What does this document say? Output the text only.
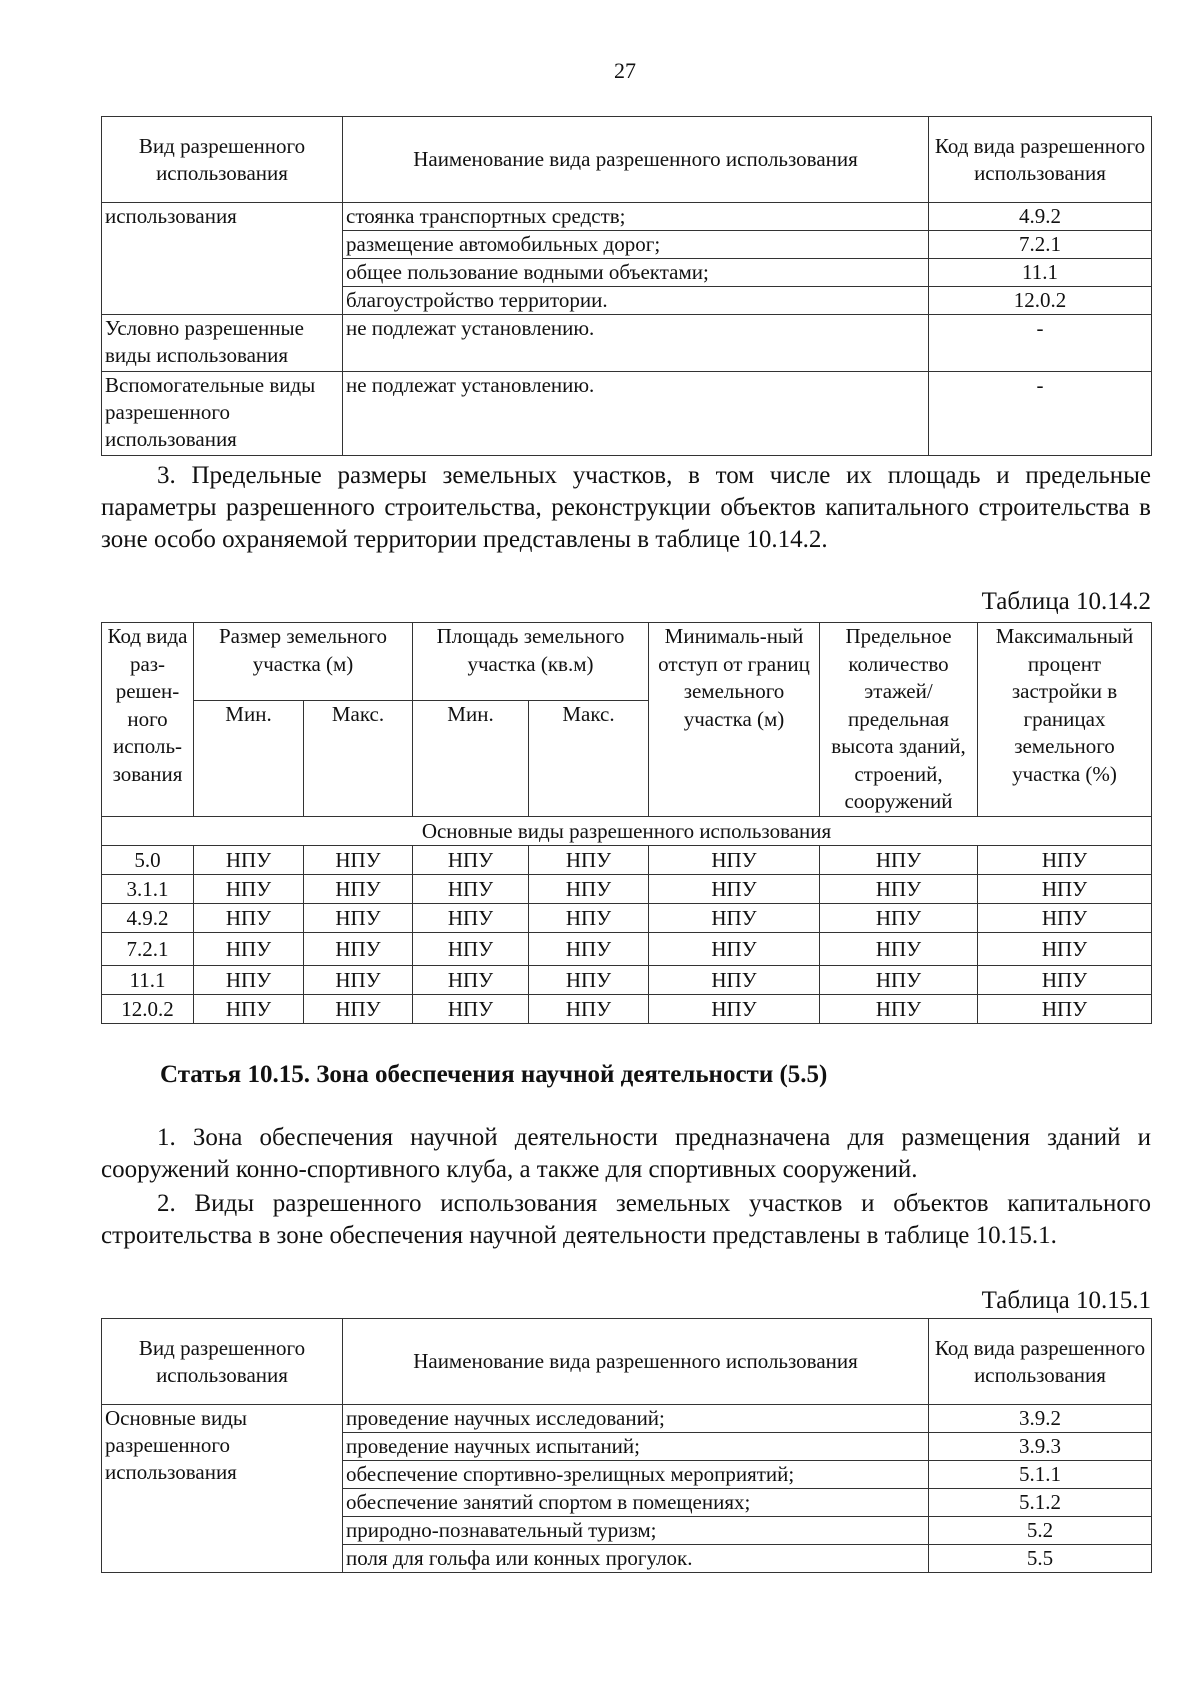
27
Вид разрешенного использования	Наименование вида разрешенного использования	Код вида разрешенного использования
использования	стоянка транспортных средств;	4.9.2
	размещение автомобильных дорог;	7.2.1
	общее пользование водными объектами;	11.1
	благоустройство территории.	12.0.2
Условно разрешенные виды использования	не подлежат установлению.	-
Вспомогательные виды разрешенного использования	не подлежат установлению.	-

3. Предельные размеры земельных участков, в том числе их площадь и предельные параметры разрешенного строительства, реконструкции объектов капитального строительства в зоне особо охраняемой территории представлены в таблице 10.14.2.

Таблица 10.14.2
Код вида раз-решен-ного исполь-зования	Размер земельного участка (м)		Площадь земельного участка (кв.м)		Минималь-ный отступ от границ земельного участка (м)	Предельное количество этажей/ предельная высота зданий, строений, сооружений	Максимальный процент застройки в границах земельного участка (%)
	Мин.	Макс.	Мин.	Макс.			
Основные виды разрешенного использования							
5.0	НПУ	НПУ	НПУ	НПУ	НПУ	НПУ	НПУ
3.1.1	НПУ	НПУ	НПУ	НПУ	НПУ	НПУ	НПУ
4.9.2	НПУ	НПУ	НПУ	НПУ	НПУ	НПУ	НПУ
7.2.1	НПУ	НПУ	НПУ	НПУ	НПУ	НПУ	НПУ
11.1	НПУ	НПУ	НПУ	НПУ	НПУ	НПУ	НПУ
12.0.2	НПУ	НПУ	НПУ	НПУ	НПУ	НПУ	НПУ
Статья 10.15. Зона обеспечения научной деятельности (5.5)

1. Зона обеспечения научной деятельности предназначена для размещения зданий и сооружений конно-спортивного клуба, а также для спортивных сооружений.

2. Виды разрешенного использования земельных участков и объектов капитального строительства в зоне обеспечения научной деятельности представлены в таблице 10.15.1.

Таблица 10.15.1
Вид разрешенного использования	Наименование вида разрешенного использования	Код вида разрешенного использования
Основные виды разрешенного использования	проведение научных исследований;	3.9.2
	проведение научных испытаний;	3.9.3
	обеспечение спортивно-зрелищных мероприятий;	5.1.1
	обеспечение занятий спортом в помещениях;	5.1.2
	природно-познавательный туризм;	5.2
	поля для гольфа или конных прогулок.	5.5
